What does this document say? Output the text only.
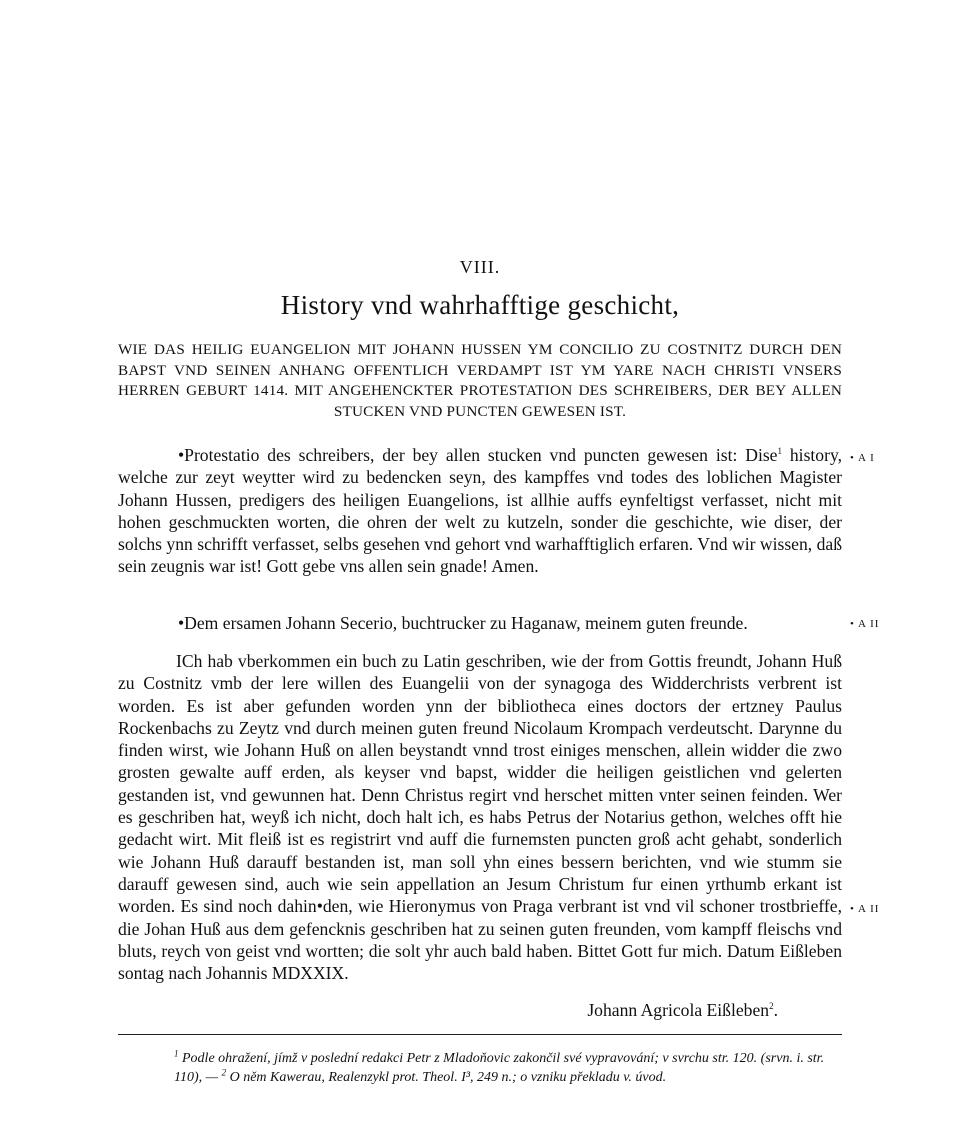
VIII.
History vnd wahrhafftige geschicht,
WIE DAS HEILIG EUANGELION MIT JOHANN HUSSEN YM CONCILIO ZU COSTNITZ DURCH DEN BAPST VND SEINEN ANHANG OFFENTLICH VERDAMPT IST YM YARE NACH CHRISTI VNSERS HERREN GEBURT 1414. MIT ANGEHENCKTER PROTESTATION DES SCHREIBERS, DER BEY ALLEN STUCKEN VND PUNCTEN GEWESEN IST.
•Protestatio des schreibers, der bey allen stucken vnd puncten gewesen ist: Dise$^1$ history, welche zur zeyt weytter wird zu bedencken seyn, des kampffes vnd todes des loblichen Magister Johann Hussen, predigers des heiligen Euangelions, ist allhie auffs eynfeltigst verfasset, nicht mit hohen geschmuckten worten, die ohren der welt zu kutzeln, sonder die geschichte, wie diser, der solchs ynn schrifft verfasset, selbs gesehen vnd gehort vnd warhafftiglich erfaren. Vnd wir wissen, daß sein zeugnis war ist! Gott gebe vns allen sein gnade! Amen.
•Dem ersamen Johann Secerio, buchtrucker zu Haganaw, meinem guten freunde.
ICh hab vberkommen ein buch zu Latin geschriben, wie der from Gottis freundt, Johann Huß zu Costnitz vmb der lere willen des Euangelii von der synagoga des Widderchrists verbrent ist worden. Es ist aber gefunden worden ynn der bibliotheca eines doctors der ertzney Paulus Rockenbachs zu Zeytz vnd durch meinen guten freund Nicolaum Krompach verdeutscht. Darynne du finden wirst, wie Johann Huß on allen beystandt vnnd trost einiges menschen, allein widder die zwo grosten gewalte auff erden, als keyser vnd bapst, widder die heiligen geistlichen vnd gelerten gestanden ist, vnd gewunnen hat. Denn Christus regirt vnd herschet mitten vnter seinen feinden. Wer es geschriben hat, weyß ich nicht, doch halt ich, es habs Petrus der Notarius gethon, welches offt hie gedacht wirt. Mit fleiß ist es registrirt vnd auff die furnemsten puncten groß acht gehabt, sonderlich wie Johann Huß darauff bestanden ist, man soll yhn eines bessern berichten, vnd wie stumm sie darauff gewesen sind, auch wie sein appellation an Jesum Christum fur einen yrthumb erkant ist worden. Es sind noch dahin•den, wie Hieronymus von Praga verbrant ist vnd vil schoner trostbrieffe, die Johan Huß aus dem gefencknis geschriben hat zu seinen guten freunden, vom kampff fleischs vnd bluts, reych von geist vnd wortten; die solt yhr auch bald haben. Bittet Gott fur mich. Datum Eißleben sontag nach Johannis MDXXIX.
Johann Agricola Eißleben$^2$.
• A I
• A II
• A II
$^1$ Podle ohražení, jímž v poslední redakci Petr z Mladoňovic zakončil své vypravování; v svrchu str. 120. (srvn. i. str. 110), — $^2$ O něm Kawerau, Realenzykl prot. Theol. I³, 249 n.; o vzniku překladu v. úvod.
